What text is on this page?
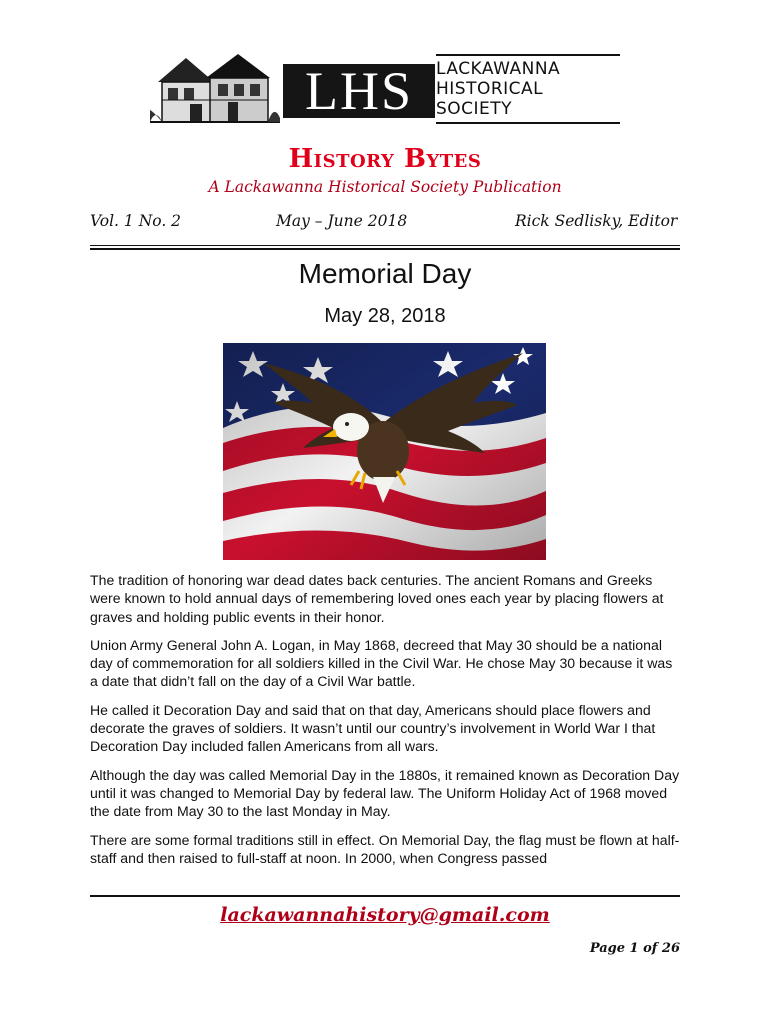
LHS	LACKAWANNA
HISTORICAL
SOCIETY
History Bytes
A Lackawanna Historical Society Publication
Vol. 1 No. 2	May – June 2018	Rick Sedlisky, Editor
Memorial Day
May 28, 2018

The tradition of honoring war dead dates back centuries. The ancient Romans and Greeks were known to hold annual days of remembering loved ones each year by placing flowers at graves and holding public events in their honor.

Union Army General John A. Logan, in May 1868, decreed that May 30 should be a national day of commemoration for all soldiers killed in the Civil War. He chose May 30 because it was a date that didn’t fall on the day of a Civil War battle.

He called it Decoration Day and said that on that day, Americans should place flowers and decorate the graves of soldiers. It wasn’t until our country’s involvement in World War I that Decoration Day included fallen Americans from all wars.

Although the day was called Memorial Day in the 1880s, it remained known as Decoration Day until it was changed to Memorial Day by federal law. The Uniform Holiday Act of 1968 moved the date from May 30 to the last Monday in May.

There are some formal traditions still in effect. On Memorial Day, the flag must be flown at half-staff and then raised to full-staff at noon. In 2000, when Congress passed

lackawannahistory@gmail.com
Page 1 of 26
